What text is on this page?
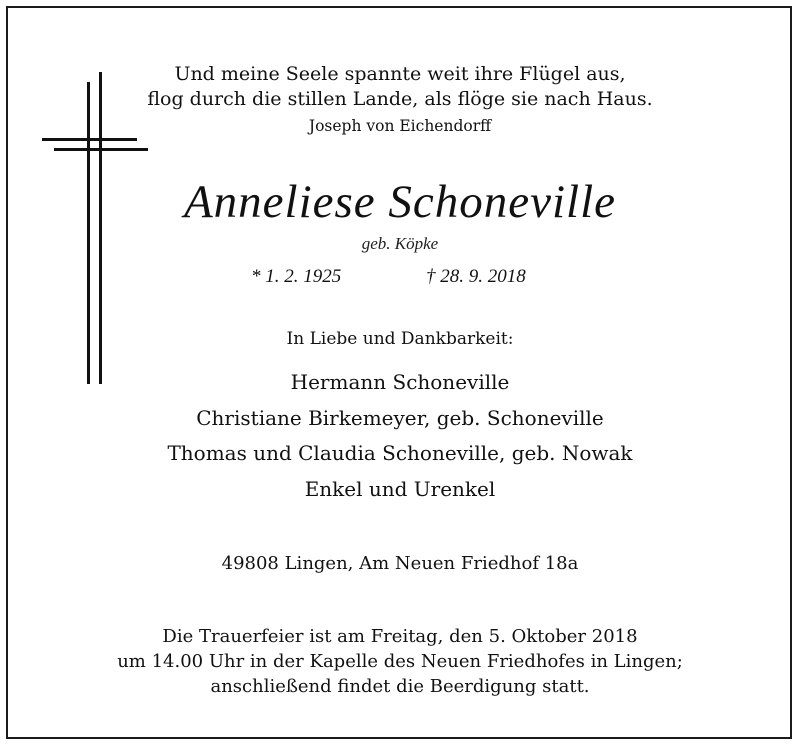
Und meine Seele spannte weit ihre Flügel aus,
flog durch die stillen Lande, als flöge sie nach Haus.
Joseph von Eichendorff
Anneliese Schoneville
geb. Köpke
* 1. 2. 1925	† 28. 9. 2018
In Liebe und Dankbarkeit:
Hermann Schoneville
Christiane Birkemeyer, geb. Schoneville
Thomas und Claudia Schoneville, geb. Nowak
Enkel und Urenkel
49808 Lingen, Am Neuen Friedhof 18a
Die Trauerfeier ist am Freitag, den 5. Oktober 2018
um 14.00 Uhr in der Kapelle des Neuen Friedhofes in Lingen;
anschließend findet die Beerdigung statt.
